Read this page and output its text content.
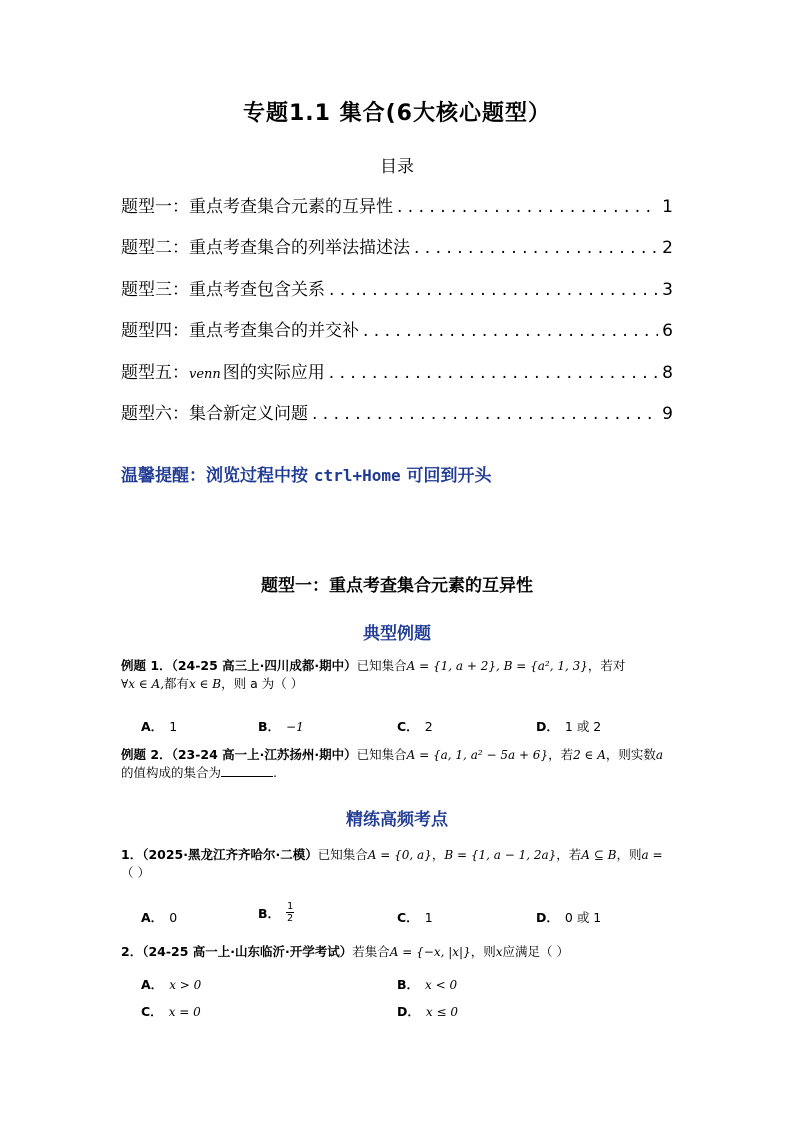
专题1.1 集合(6大核心题型）
目录
题型一：重点考查集合元素的互异性 . . .	1
题型二：重点考查集合的列举法描述法 . . .	2
题型三：重点考查包含关系 . . .	3
题型四：重点考查集合的并交补 . . .	6
题型五：venn 图的实际应用 . . .	8
题型六：集合新定义问题 . . .	9
温馨提醒：浏览过程中按 ctrl+Home 可回到开头
题型一：重点考查集合元素的互异性
典型例题
例题 1．（24-25 高三上·四川成都·期中）已知集合A = {1, a + 2}, B = {a², 1, 3}，若对
∀x ∈ A,都有x ∈ B，则 a 为（ ）
A． 1	B． −1	C． 2	D． 1 或 2
例题 2．（23-24 高一上·江苏扬州·期中）已知集合A = {a, 1, a² − 5a + 6}，若2 ∈ A，则实数a
的值构成的集合为	.
精练高频考点
1．（2025·黑龙江齐齐哈尔·二模）已知集合A = {0, a}，B = {1, a − 1, 2a}，若A ⊆ B，则a =
（ ）
A． 0	B． $\frac{1}{2}$	C． 1	D． 0 或 1
2．（24-25 高一上·山东临沂·开学考试）若集合A = {−x, |x|}，则x应满足（ ）
A． x > 0	B． x < 0
C． x = 0	D． x ≤ 0
